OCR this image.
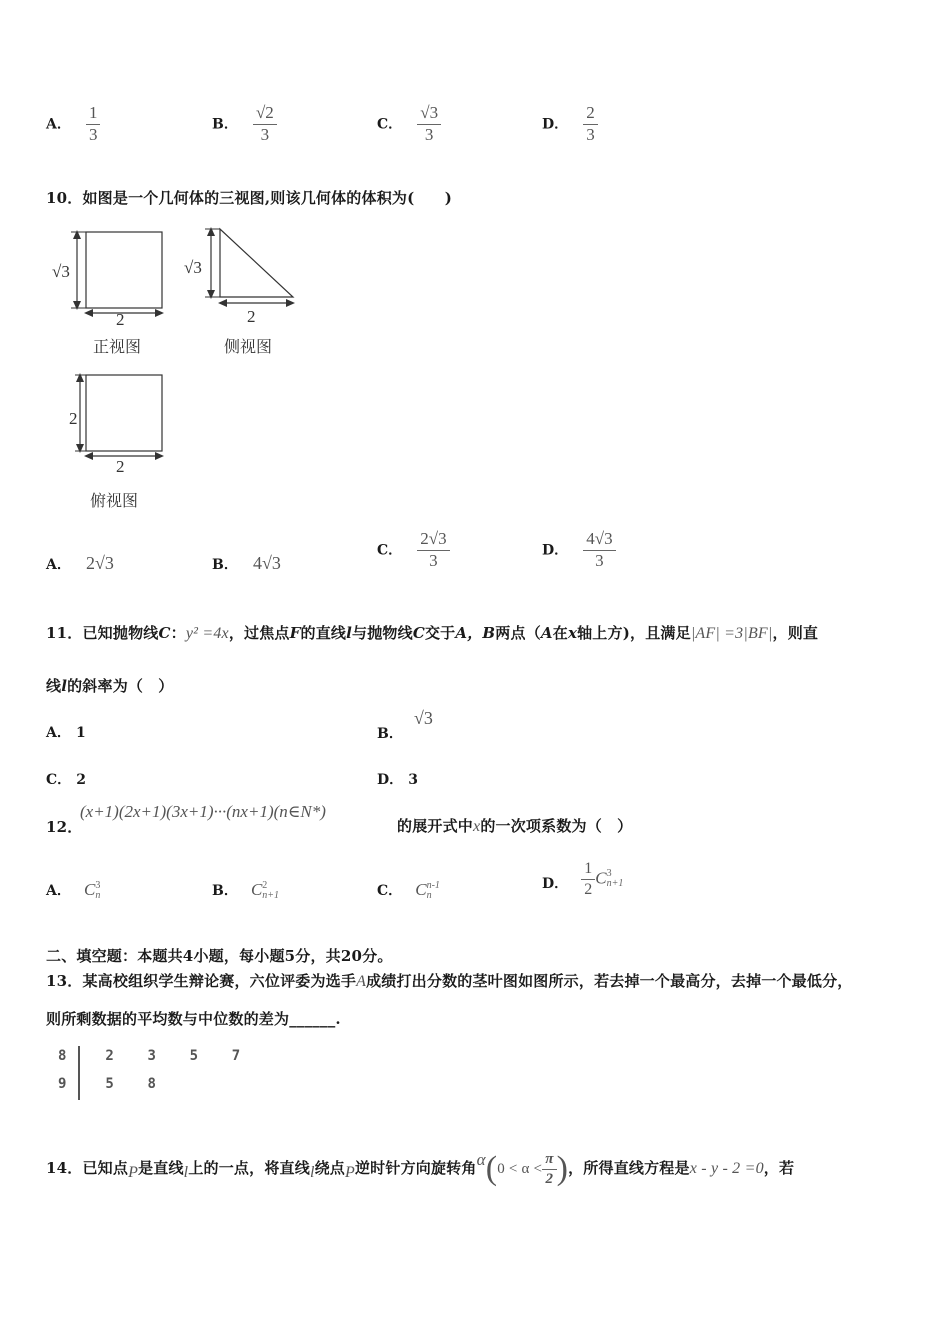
A． $\frac{1}{3}$	B． $\frac{√2}{3}$	C． $\frac{√3}{3}$	D． $\frac{2}{3}$
10．如图是一个几何体的三视图,则该几何体的体积为(　　)
√3
2
正视图
√3
2
侧视图
2
2
俯视图
A． 2√3	B． 4√3
C． $\frac{2√3}{3}$	D． $\frac{4√3}{3}$
11．已知抛物线C：y² =4x，过焦点F的直线l与抛物线C交于A，B两点（A在x轴上方)，且满足|AF| =3|BF|，则直
线l的斜率为（　）
A． 1	B． √3
C． 2	D． 3
12．
(x+1)(2x+1)(3x+1)···(nx+1)(n∈N*)
的展开式中x的一次项系数为（　）
A． C 3
n	B． C 2
n+1	C． C n-1
n
D． $\frac{1}{2}$ C 3
n+1
二、填空题：本题共4小题，每小题5分，共20分。
13．某高校组织学生辩论赛，六位评委为选手A成绩打出分数的茎叶图如图所示，若去掉一个最高分，去掉一个最低分，
则所剩数据的平均数与中位数的差为______.
8	2 3 5 7
9	5 8
14．已知点P是直线l上的一点，将直线l绕点P逆时针方向旋转角$\alpha(0 < \alpha < \frac{\pi}{2}$ )，所得直线方程是x - y - 2 =0，若
